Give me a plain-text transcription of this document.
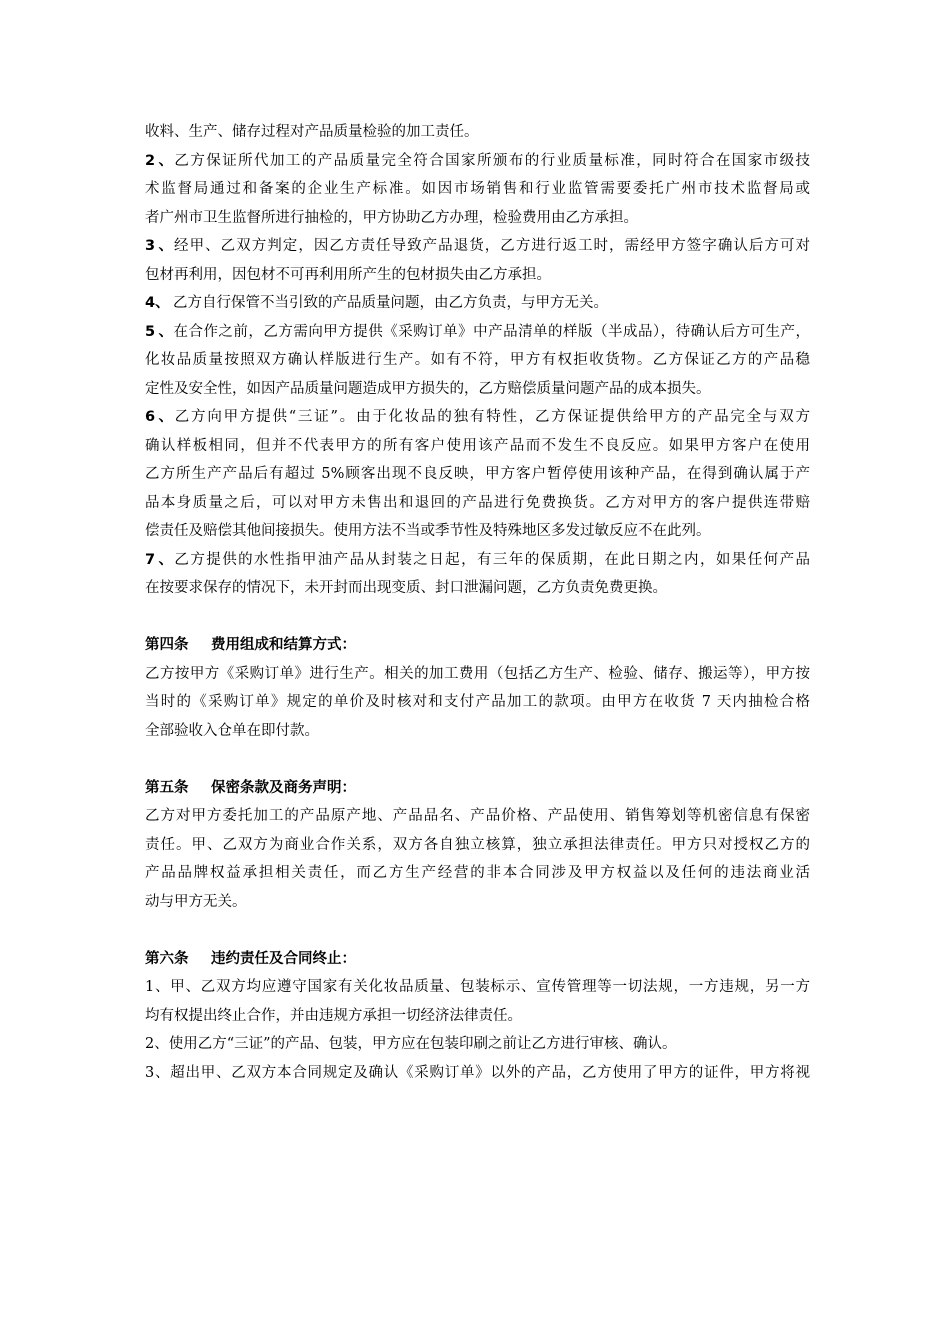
收料、生产、储存过程对产品质量检验的加工责任。
2、乙方保证所代加工的产品质量完全符合国家所颁布的行业质量标准，同时符合在国家市级技
术监督局通过和备案的企业生产标准。如因市场销售和行业监管需要委托广州市技术监督局或
者广州市卫生监督所进行抽检的，甲方协助乙方办理，检验费用由乙方承担。
3、经甲、乙双方判定，因乙方责任导致产品退货，乙方进行返工时，需经甲方签字确认后方可对
包材再利用，因包材不可再利用所产生的包材损失由乙方承担。
4、 乙方自行保管不当引致的产品质量问题，由乙方负责，与甲方无关。
5、在合作之前，乙方需向甲方提供《采购订单》中产品清单的样版（半成品），待确认后方可生产，
化妆品质量按照双方确认样版进行生产。如有不符，甲方有权拒收货物。乙方保证乙方的产品稳
定性及安全性，如因产品质量问题造成甲方损失的，乙方赔偿质量问题产品的成本损失。
6、乙方向甲方提供“三证”。由于化妆品的独有特性，乙方保证提供给甲方的产品完全与双方
确认样板相同，但并不代表甲方的所有客户使用该产品而不发生不良反应。如果甲方客户在使用
乙方所生产产品后有超过 5%顾客出现不良反映，甲方客户暂停使用该种产品，在得到确认属于产
品本身质量之后，可以对甲方未售出和退回的产品进行免费换货。乙方对甲方的客户提供连带赔
偿责任及赔偿其他间接损失。使用方法不当或季节性及特殊地区多发过敏反应不在此列。
7、乙方提供的水性指甲油产品从封装之日起，有三年的保质期，在此日期之内，如果任何产品
在按要求保存的情况下，未开封而出现变质、封口泄漏问题，乙方负责免费更换。
第四条 费用组成和结算方式：
乙方按甲方《采购订单》进行生产。相关的加工费用（包括乙方生产、检验、储存、搬运等），甲方按
当时的《采购订单》规定的单价及时核对和支付产品加工的款项。由甲方在收货 7 天内抽检合格
全部验收入仓单在即付款。
第五条 保密条款及商务声明：
乙方对甲方委托加工的产品原产地、产品品名、产品价格、产品使用、销售筹划等机密信息有保密
责任。甲、乙双方为商业合作关系，双方各自独立核算，独立承担法律责任。甲方只对授权乙方的
产品品牌权益承担相关责任，而乙方生产经营的非本合同涉及甲方权益以及任何的违法商业活
动与甲方无关。
第六条 违约责任及合同终止：
1、甲、乙双方均应遵守国家有关化妆品质量、包装标示、宣传管理等一切法规，一方违规，另一方
均有权提出终止合作，并由违规方承担一切经济法律责任。
2、使用乙方“三证”的产品、包装，甲方应在包装印刷之前让乙方进行审核、确认。
3、超出甲、乙双方本合同规定及确认《采购订单》以外的产品，乙方使用了甲方的证件，甲方将视
